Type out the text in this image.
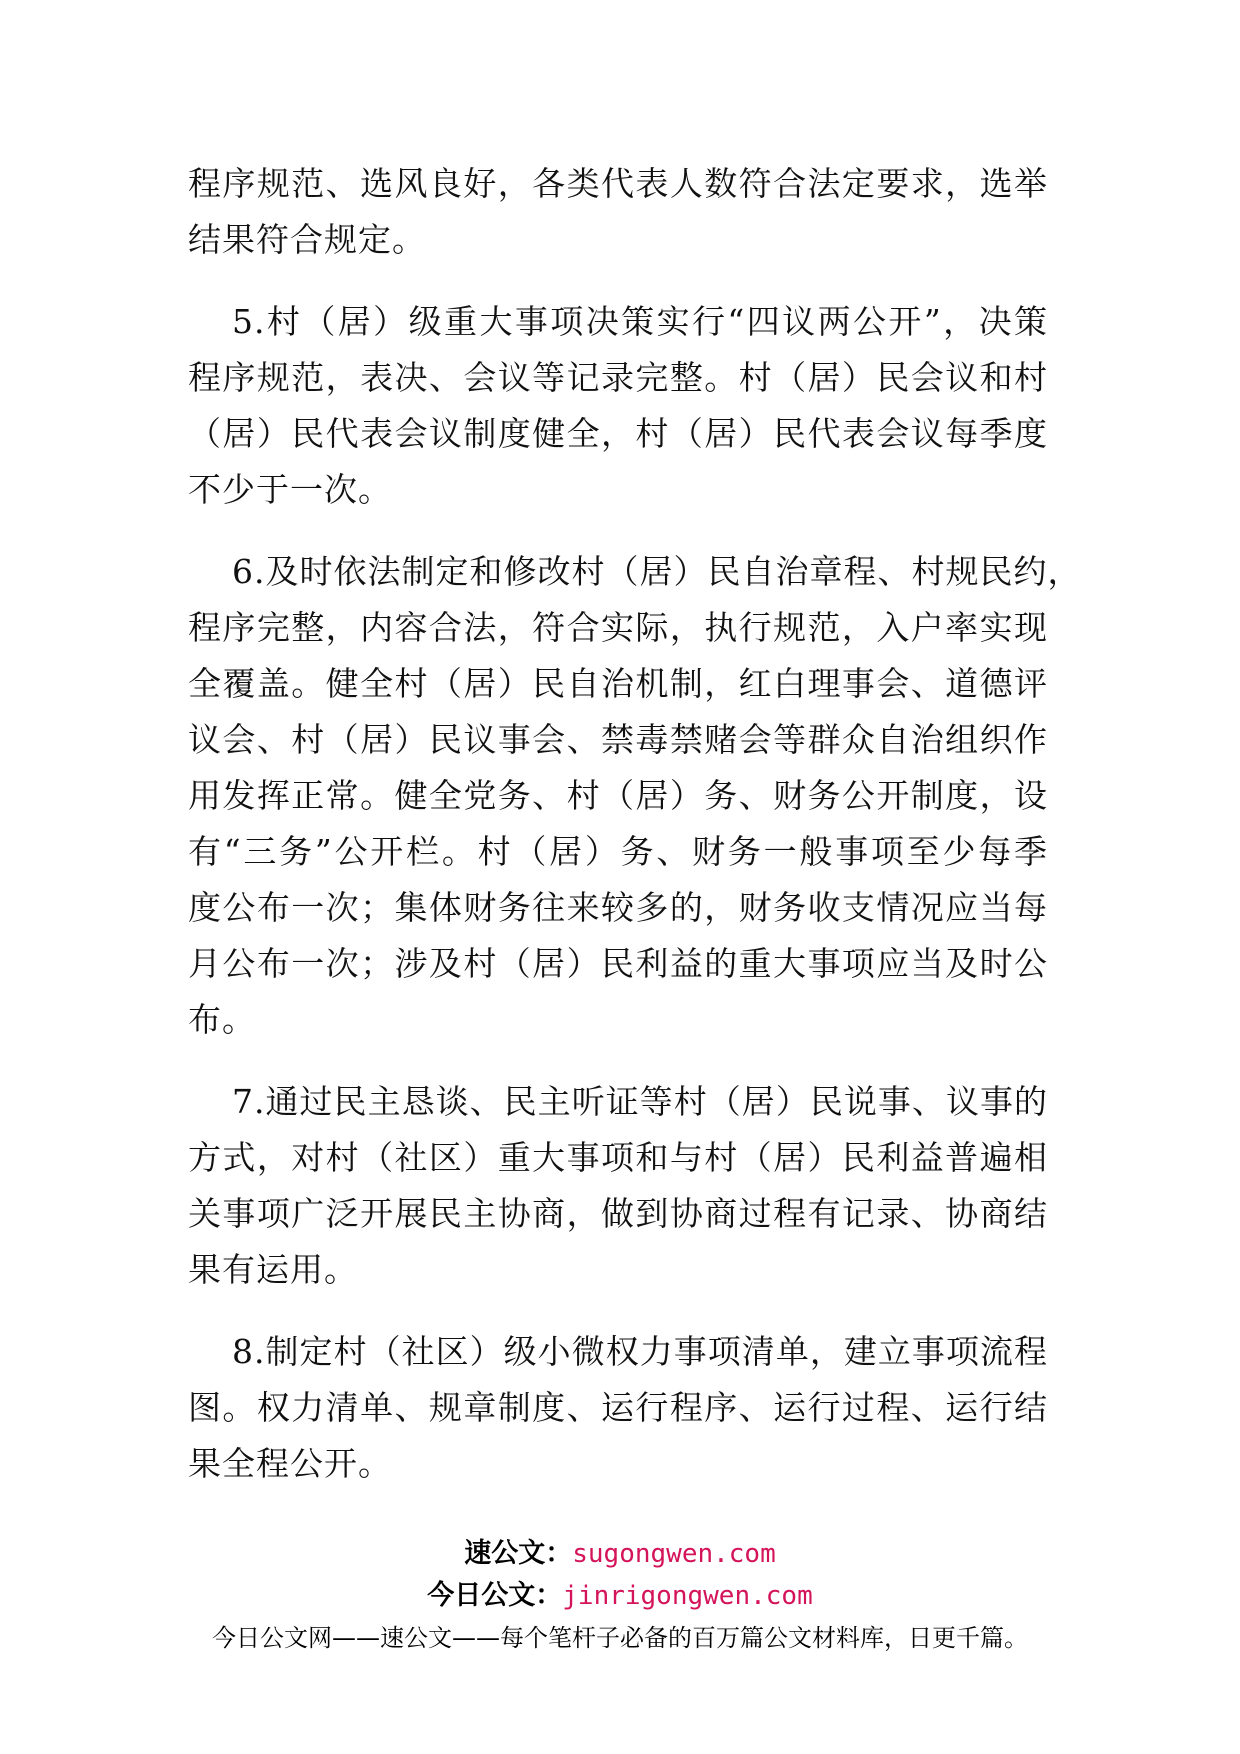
程序规范、选风良好，各类代表人数符合法定要求，选举
结果符合规定。
5.村（居）级重大事项决策实行“四议两公开”，决策
程序规范，表决、会议等记录完整。村（居）民会议和村
（居）民代表会议制度健全，村（居）民代表会议每季度
不少于一次。
6.及时依法制定和修改村（居）民自治章程、村规民约，
程序完整，内容合法，符合实际，执行规范，入户率实现
全覆盖。健全村（居）民自治机制，红白理事会、道德评
议会、村（居）民议事会、禁毒禁赌会等群众自治组织作
用发挥正常。健全党务、村（居）务、财务公开制度，设
有“三务”公开栏。村（居）务、财务一般事项至少每季
度公布一次；集体财务往来较多的，财务收支情况应当每
月公布一次；涉及村（居）民利益的重大事项应当及时公
布。
7.通过民主恳谈、民主听证等村（居）民说事、议事的
方式，对村（社区）重大事项和与村（居）民利益普遍相
关事项广泛开展民主协商，做到协商过程有记录、协商结
果有运用。
8.制定村（社区）级小微权力事项清单，建立事项流程
图。权力清单、规章制度、运行程序、运行过程、运行结
果全程公开。
速公文：sugongwen.com
今日公文：jinrigongwen.com
今日公文网——速公文——每个笔杆子必备的百万篇公文材料库，日更千篇。
